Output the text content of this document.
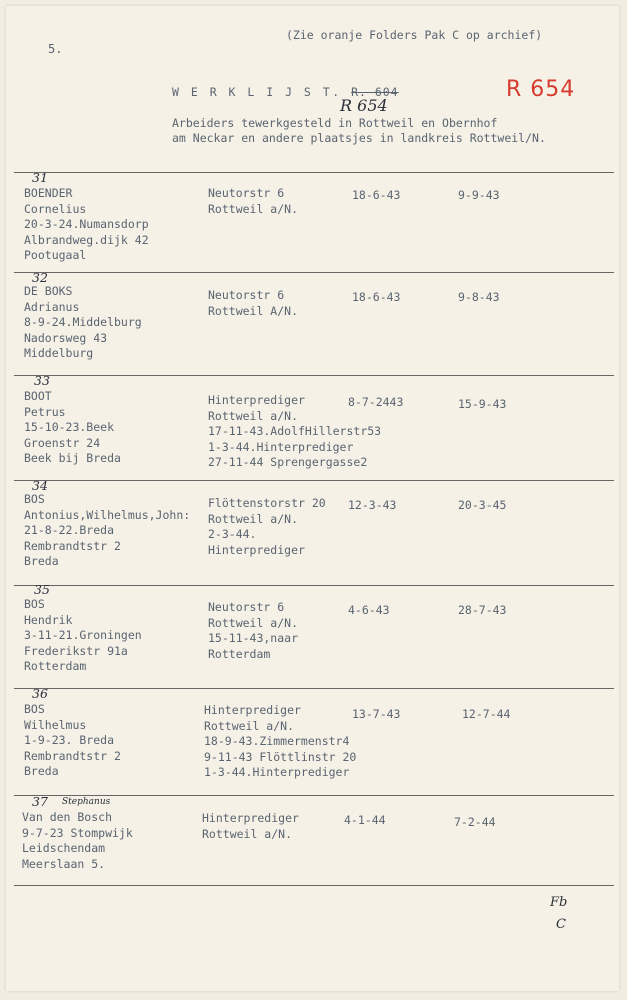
(Zie oranje Folders Pak C op archief)
5.
W E R K L I J S T. R. 604
R 654
R 654
Arbeiders tewerkgesteld in Rottweil en Obernhof
am Neckar en andere plaatsjes in landkreis Rottweil/N.
31
BOENDER
Cornelius
20-3-24.Numansdorp
Albrandweg.dijk 42
Pootugaal
Neutorstr 6
Rottweil a/N.
18-6-43	9-9-43
32
DE BOKS
Adrianus
8-9-24.Middelburg
Nadorsweg 43
Middelburg
Neutorstr 6
Rottweil A/N.
18-6-43	9-8-43
33
BOOT
Petrus
15-10-23.Beek
Groenstr 24
Beek bij Breda
Hinterprediger
Rottweil a/N.
17-11-43.AdolfHillerstr53
1-3-44.Hinterprediger
27-11-44 Sprengergasse2
8-7-2443	15-9-43
34
BOS
Antonius,Wilhelmus,John:
21-8-22.Breda
Rembrandtstr 2
Breda
Flöttenstorstr 20
Rottweil a/N.
2-3-44.
Hinterprediger
12-3-43	20-3-45
35
BOS
Hendrik
3-11-21.Groningen
Frederikstr 91a
Rotterdam
Neutorstr 6
Rottweil a/N.
15-11-43,naar
Rotterdam
4-6-43	28-7-43
36
BOS
Wilhelmus
1-9-23. Breda
Rembrandtstr 2
Breda
Hinterprediger
Rottweil a/N.
18-9-43.Zimmermenstr4
9-11-43 Flöttlinstr 20
1-3-44.Hinterprediger
13-7-43	12-7-44
37 Stephanus
Van den Bosch
9-7-23 Stompwijk
Leidschendam
Meerslaan 5.
Hinterprediger
Rottweil a/N.
4-1-44	7-2-44
Fb
C
